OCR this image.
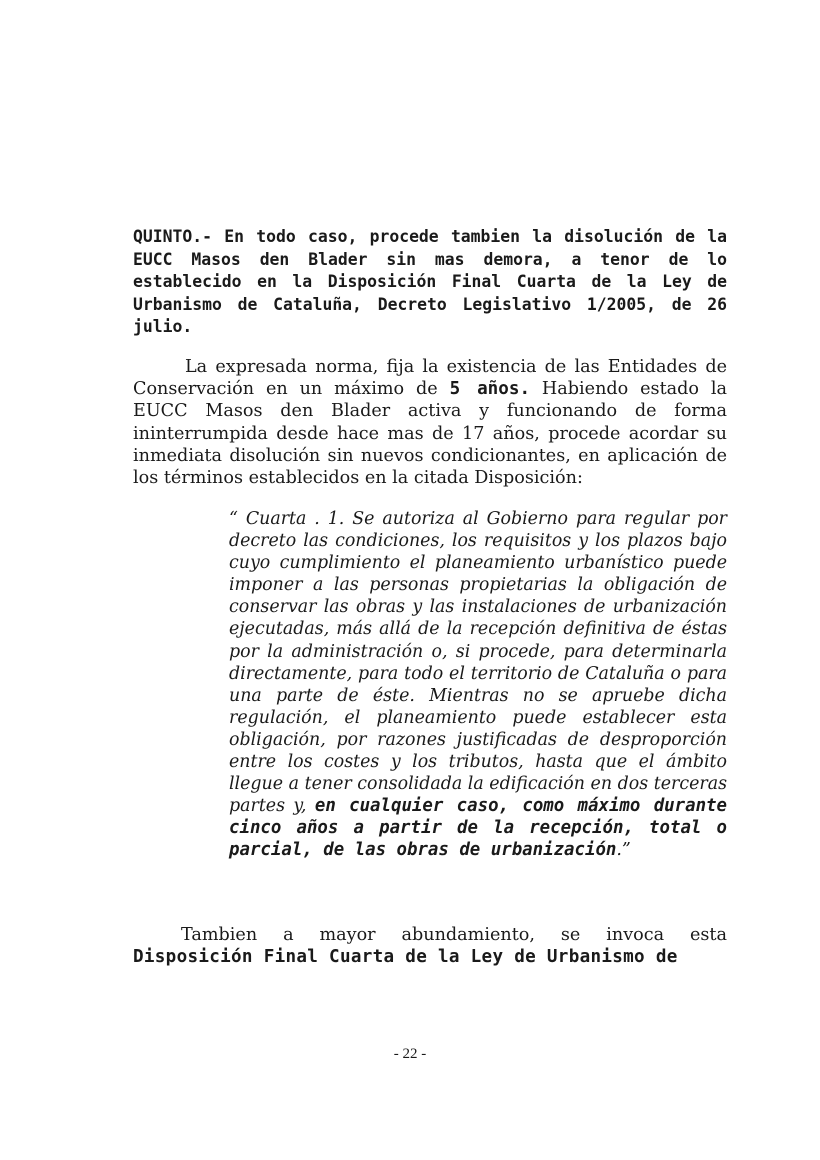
QUINTO.- En todo caso, procede tambien la disolución de la EUCC Masos den Blader sin mas demora, a tenor de lo establecido en la Disposición Final Cuarta de la Ley de Urbanismo de Cataluña, Decreto Legislativo 1/2005, de 26 julio.
La expresada norma, fija la existencia de las Entidades de Conservación en un máximo de 5 años. Habiendo estado la EUCC Masos den Blader activa y funcionando de forma ininterrumpida desde hace mas de 17 años, procede acordar su inmediata disolución sin nuevos condicionantes, en aplicación de los términos establecidos en la citada Disposición:
“ Cuarta . 1. Se autoriza al Gobierno para regular por decreto las condiciones, los requisitos y los plazos bajo cuyo cumplimiento el planeamiento urbanístico puede imponer a las personas propietarias la obligación de conservar las obras y las instalaciones de urbanización ejecutadas, más allá de la recepción definitiva de éstas por la administración o, si procede, para determinarla directamente, para todo el territorio de Cataluña o para una parte de éste. Mientras no se apruebe dicha regulación, el planeamiento puede establecer esta obligación, por razones justificadas de desproporción entre los costes y los tributos, hasta que el ámbito llegue a tener consolidada la edificación en dos terceras partes y, en cualquier caso, como máximo durante cinco años a partir de la recepción, total o parcial, de las obras de urbanización.”
Tambien a mayor abundamiento, se invoca esta Disposición Final Cuarta de la Ley de Urbanismo de
- 22 -
